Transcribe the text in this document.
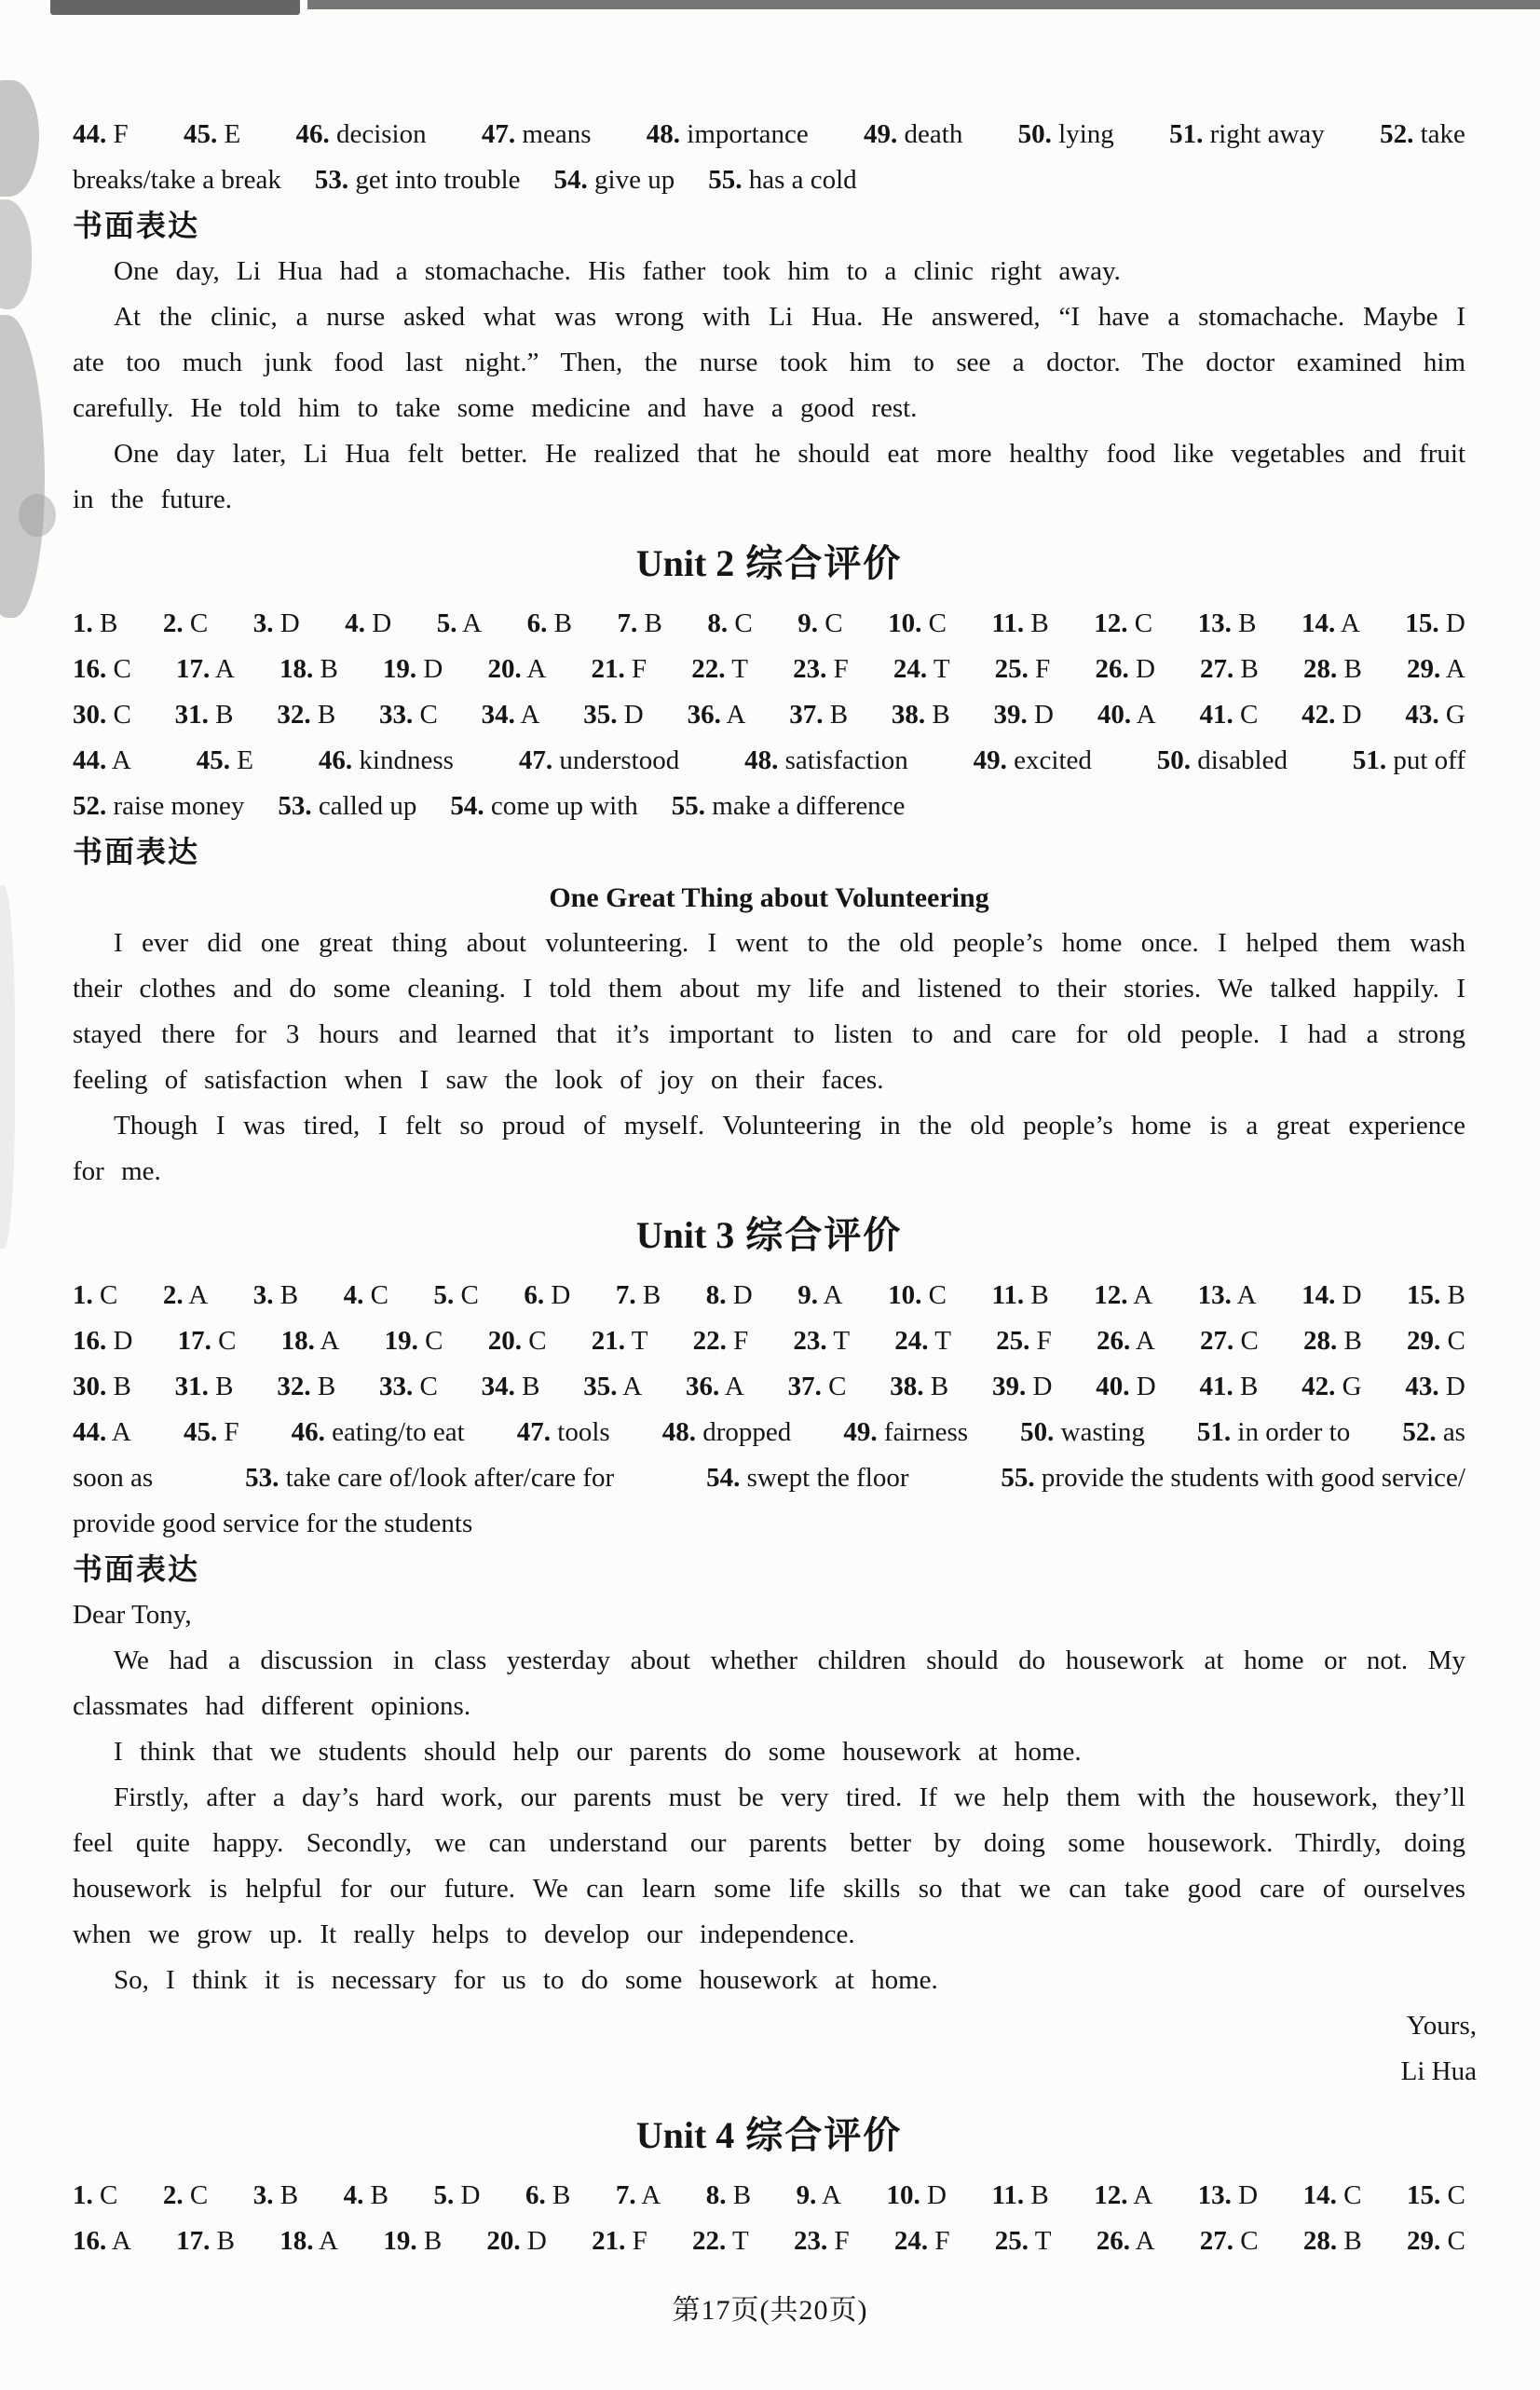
44. F 45. E 46. decision 47. means 48. importance 49. death 50. lying 51. right away 52. take
breaks/take a break 53. get into trouble 54. give up 55. has a cold
书面表达

One day, Li Hua had a stomachache. His father took him to a clinic right away.

At the clinic, a nurse asked what was wrong with Li Hua. He answered, “I have a stomachache. Maybe I ate too much junk food last night.” Then, the nurse took him to see a doctor. The doctor examined him carefully. He told him to take some medicine and have a good rest.

One day later, Li Hua felt better. He realized that he should eat more healthy food like vegetables and fruit in the future.

Unit 2 综合评价
1. B 2. C 3. D 4. D 5. A 6. B 7. B 8. C 9. C 10. C 11. B 12. C 13. B 14. A 15. D
16. C 17. A 18. B 19. D 20. A 21. F 22. T 23. F 24. T 25. F 26. D 27. B 28. B 29. A
30. C 31. B 32. B 33. C 34. A 35. D 36. A 37. B 38. B 39. D 40. A 41. C 42. D 43. G
44. A 45. E 46. kindness 47. understood 48. satisfaction 49. excited 50. disabled 51. put off
52. raise money 53. called up 54. come up with 55. make a difference
书面表达
One Great Thing about Volunteering

I ever did one great thing about volunteering. I went to the old people’s home once. I helped them wash their clothes and do some cleaning. I told them about my life and listened to their stories. We talked happily. I stayed there for 3 hours and learned that it’s important to listen to and care for old people. I had a strong feeling of satisfaction when I saw the look of joy on their faces.

Though I was tired, I felt so proud of myself. Volunteering in the old people’s home is a great experience for me.

Unit 3 综合评价
1. C 2. A 3. B 4. C 5. C 6. D 7. B 8. D 9. A 10. C 11. B 12. A 13. A 14. D 15. B
16. D 17. C 18. A 19. C 20. C 21. T 22. F 23. T 24. T 25. F 26. A 27. C 28. B 29. C
30. B 31. B 32. B 33. C 34. B 35. A 36. A 37. C 38. B 39. D 40. D 41. B 42. G 43. D
44. A 45. F 46. eating/to eat 47. tools 48. dropped 49. fairness 50. wasting 51. in order to 52. as
soon as	53. take care of/look after/care for	54. swept the floor	55. provide the students with good service/
provide good service for the students
书面表达

Dear Tony,

We had a discussion in class yesterday about whether children should do housework at home or not. My classmates had different opinions.

I think that we students should help our parents do some housework at home.

Firstly, after a day’s hard work, our parents must be very tired. If we help them with the housework, they’ll feel quite happy. Secondly, we can understand our parents better by doing some housework. Thirdly, doing housework is helpful for our future. We can learn some life skills so that we can take good care of ourselves when we grow up. It really helps to develop our independence.

So, I think it is necessary for us to do some housework at home.

Yours,

Li Hua

Unit 4 综合评价
1. C 2. C 3. B 4. B 5. D 6. B 7. A 8. B 9. A 10. D 11. B 12. A 13. D 14. C 15. C
16. A 17. B 18. A 19. B 20. D 21. F 22. T 23. F 24. F 25. T 26. A 27. C 28. B 29. C
第17页(共20页)
